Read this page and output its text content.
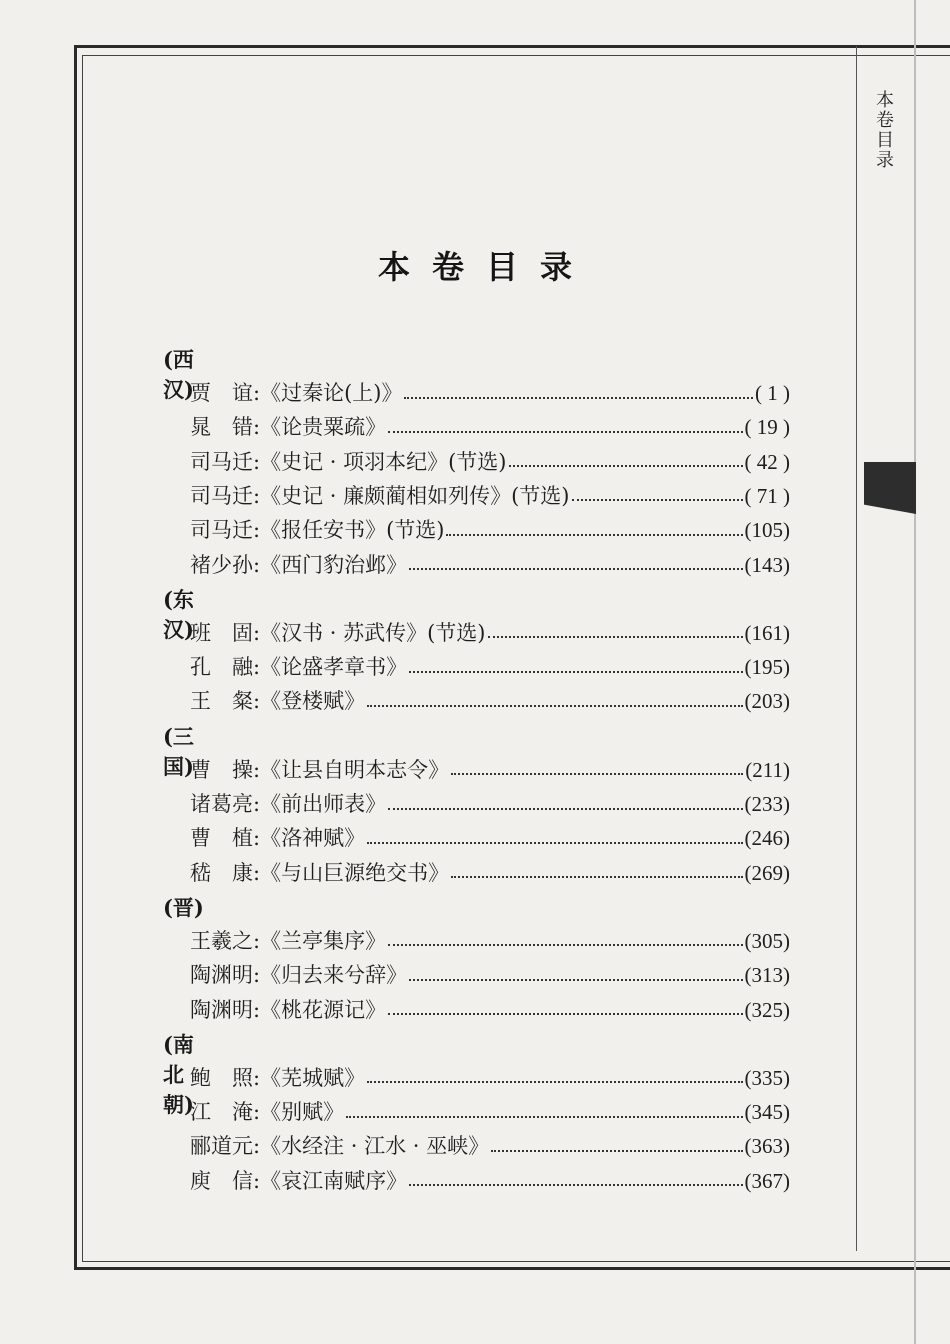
本卷目录
本卷目录
(西汉)
贾　谊 : 《过秦论(上)》	( 1 )
晁　错 : 《论贵粟疏》	( 19 )
司马迁 : 《史记 · 项羽本纪》(节选)	( 42 )
司马迁 : 《史记 · 廉颇蔺相如列传》(节选)	( 71 )
司马迁 : 《报任安书》(节选)	(105)
褚少孙 : 《西门豹治邺》	(143)
(东汉)
班　固 : 《汉书 · 苏武传》(节选)	(161)
孔　融 : 《论盛孝章书》	(195)
王　粲 : 《登楼赋》	(203)
(三国)
曹　操 : 《让县自明本志令》	(211)
诸葛亮 : 《前出师表》	(233)
曹　植 : 《洛神赋》	(246)
嵇　康 : 《与山巨源绝交书》	(269)
(晋)
王羲之 : 《兰亭集序》	(305)
陶渊明 : 《归去来兮辞》	(313)
陶渊明 : 《桃花源记》	(325)
(南北朝)
鲍　照 : 《芜城赋》	(335)
江　淹 : 《别赋》	(345)
郦道元 : 《水经注 · 江水 · 巫峡》	(363)
庾　信 : 《哀江南赋序》	(367)
